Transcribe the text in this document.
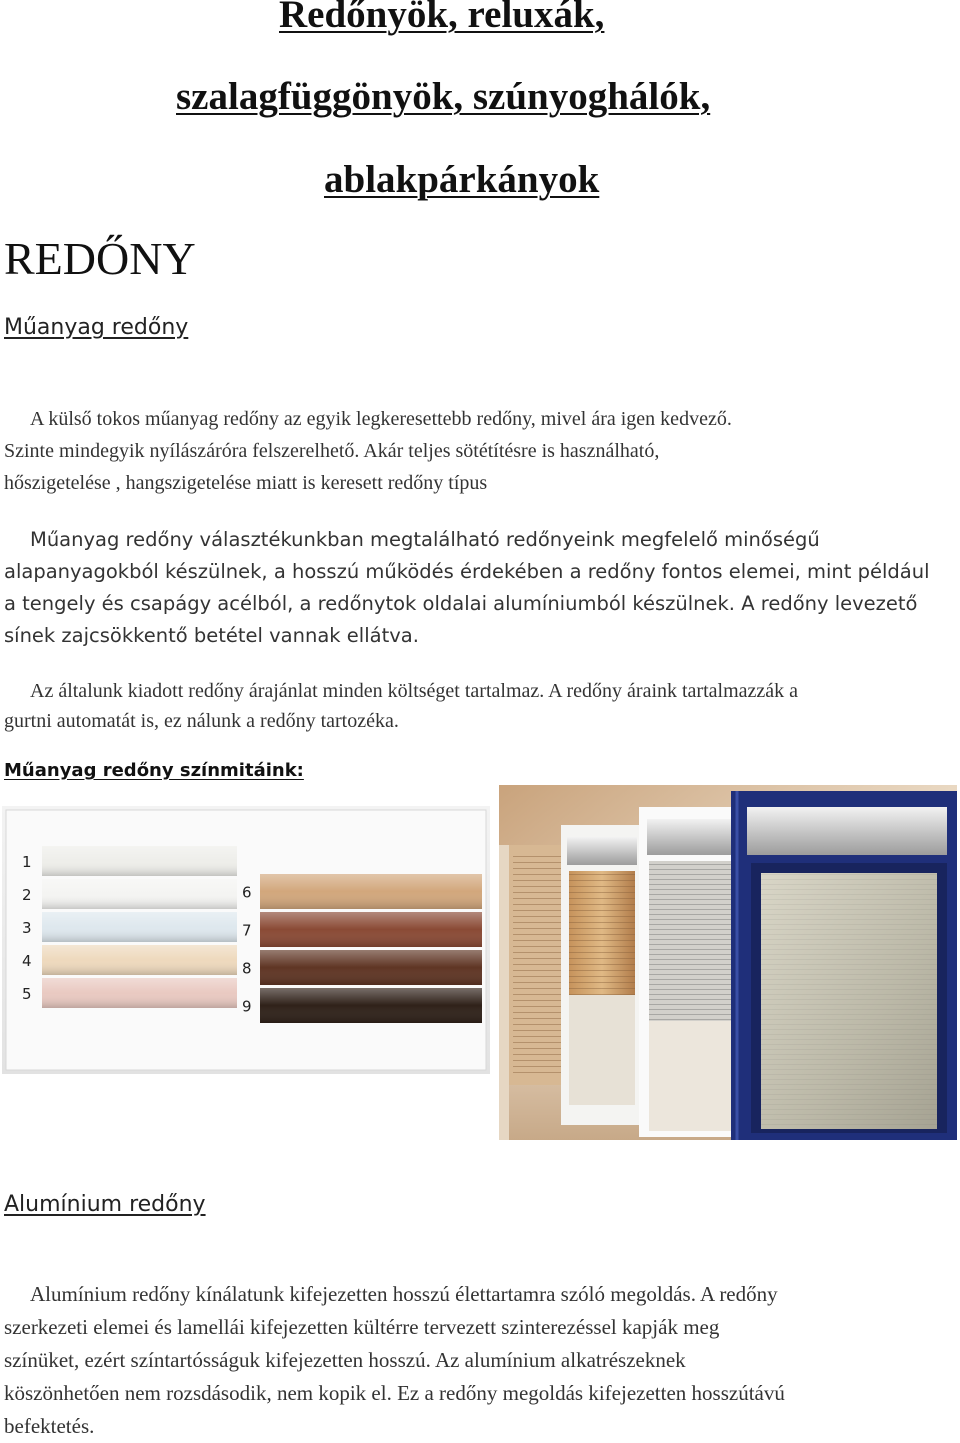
Redőnyök, reluxák,
szalagfüggönyök, szúnyoghálók,
ablakpárkányok
REDŐNY
Műanyag redőny
A külső tokos műanyag redőny az egyik legkeresettebb redőny, mivel ára igen kedvező.
Szinte mindegyik nyílászáróra felszerelhető. Akár teljes sötétítésre is használható,
hőszigetelése , hangszigetelése miatt is keresett redőny típus
Műanyag redőny választékunkban megtalálható redőnyeink megfelelő minőségű
alapanyagokból készülnek, a hosszú működés érdekében a redőny fontos elemei, mint például
a tengely és csapágy acélból, a redőnytok oldalai alumíniumból készülnek. A redőny levezető
sínek zajcsökkentő betétel vannak ellátva.
Az általunk kiadott redőny árajánlat minden költséget tartalmaz. A redőny áraink tartalmazzák a
gurtni automatát is, ez nálunk a redőny tartozéka.
Műanyag redőny színmitáink:
1
2
3
4
5
6
7
8
9
Alumínium redőny
Alumínium redőny kínálatunk kifejezetten hosszú élettartamra szóló megoldás. A redőny
szerkezeti elemei és lamellái kifejezetten kültérre tervezett szinterezéssel kapják meg
színüket, ezért színtartósságuk kifejezetten hosszú. Az alumínium alkatrészeknek
köszönhetően nem rozsdásodik, nem kopik el. Ez a redőny megoldás kifejezetten hosszútávú
befektetés.
